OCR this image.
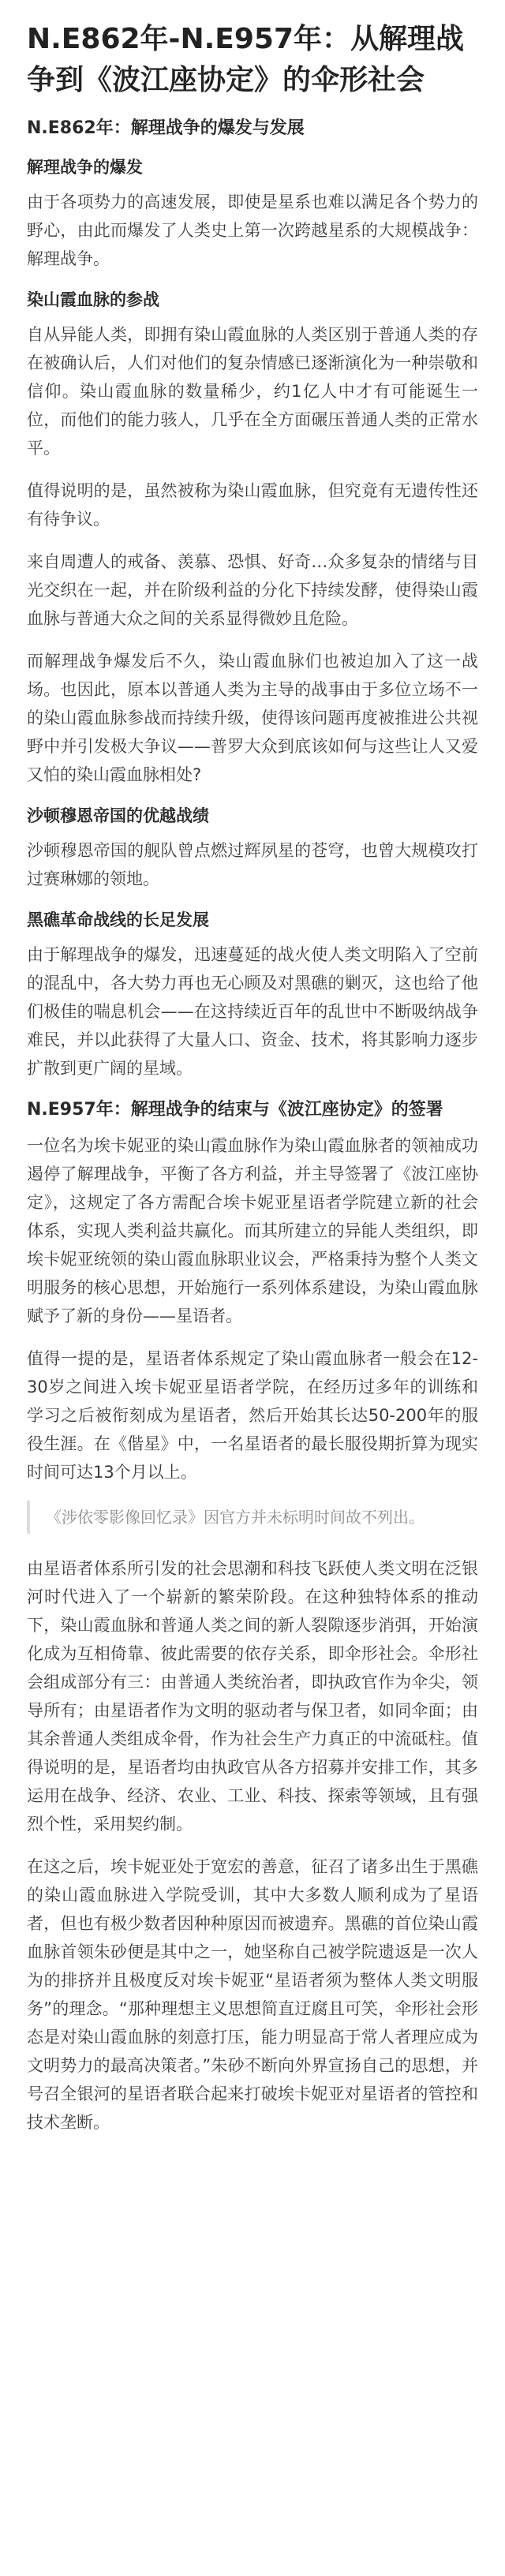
N.E862年-N.E957年：从解理战争到《波江座协定》的伞形社会
N.E862年：解理战争的爆发与发展
解理战争的爆发

由于各项势力的高速发展，即使是星系也难以满足各个势力的野心，由此而爆发了人类史上第一次跨越星系的大规模战争：解理战争。

染山霞血脉的参战

自从异能人类，即拥有染山霞血脉的人类区别于普通人类的存在被确认后，人们对他们的复杂情感已逐渐演化为一种崇敬和信仰。染山霞血脉的数量稀少，约1亿人中才有可能诞生一位，而他们的能力骇人，几乎在全方面碾压普通人类的正常水平。

值得说明的是，虽然被称为染山霞血脉，但究竟有无遗传性还有待争议。

来自周遭人的戒备、羡慕、恐惧、好奇…众多复杂的情绪与目光交织在一起，并在阶级利益的分化下持续发酵，使得染山霞血脉与普通大众之间的关系显得微妙且危险。

而解理战争爆发后不久，染山霞血脉们也被迫加入了这一战场。也因此，原本以普通人类为主导的战事由于多位立场不一的染山霞血脉参战而持续升级，使得该问题再度被推进公共视野中并引发极大争议——普罗大众到底该如何与这些让人又爱又怕的染山霞血脉相处?

沙顿穆恩帝国的优越战绩

沙顿穆恩帝国的舰队曾点燃过辉夙星的苍穹，也曾大规模攻打过赛琳娜的领地。

黑礁革命战线的长足发展

由于解理战争的爆发，迅速蔓延的战火使人类文明陷入了空前的混乱中，各大势力再也无心顾及对黑礁的剿灭，这也给了他们极佳的喘息机会——在这持续近百年的乱世中不断吸纳战争难民，并以此获得了大量人口、资金、技术，将其影响力逐步扩散到更广阔的星域。

N.E957年：解理战争的结束与《波江座协定》的签署

一位名为埃卡妮亚的染山霞血脉作为染山霞血脉者的领袖成功遏停了解理战争，平衡了各方利益，并主导签署了《波江座协定》，这规定了各方需配合埃卡妮亚星语者学院建立新的社会体系，实现人类利益共赢化。而其所建立的异能人类组织，即埃卡妮亚统领的染山霞血脉职业议会，严格秉持为整个人类文明服务的核心思想，开始施行一系列体系建设，为染山霞血脉赋予了新的身份——星语者。

值得一提的是，星语者体系规定了染山霞血脉者一般会在12-30岁之间进入埃卡妮亚星语者学院，在经历过多年的训练和学习之后被衔刻成为星语者，然后开始其长达50-200年的服役生涯。在《偕星》中，一名星语者的最长服役期折算为现实时间可达13个月以上。

《涉依零影像回忆录》因官方并未标明时间故不列出。

由星语者体系所引发的社会思潮和科技飞跃使人类文明在泛银河时代进入了一个崭新的繁荣阶段。在这种独特体系的推动下，染山霞血脉和普通人类之间的新人裂隙逐步消弭，开始演化成为互相倚靠、彼此需要的依存关系，即伞形社会。伞形社会组成部分有三：由普通人类统治者，即执政官作为伞尖，领导所有；由星语者作为文明的驱动者与保卫者，如同伞面；由其余普通人类组成伞骨，作为社会生产力真正的中流砥柱。值得说明的是，星语者均由执政官从各方招募并安排工作，其多运用在战争、经济、农业、工业、科技、探索等领域，且有强烈个性，采用契约制。

在这之后，埃卡妮亚处于宽宏的善意，征召了诸多出生于黑礁的染山霞血脉进入学院受训，其中大多数人顺利成为了星语者，但也有极少数者因种种原因而被遗弃。黑礁的首位染山霞血脉首领朱砂便是其中之一，她坚称自己被学院遗返是一次人为的排挤并且极度反对埃卡妮亚“星语者须为整体人类文明服务”的理念。“那种理想主义思想简直迂腐且可笑，伞形社会形态是对染山霞血脉的刻意打压，能力明显高于常人者理应成为文明势力的最高决策者。”朱砂不断向外界宣扬自己的思想，并号召全银河的星语者联合起来打破埃卡妮亚对星语者的管控和技术垄断。
